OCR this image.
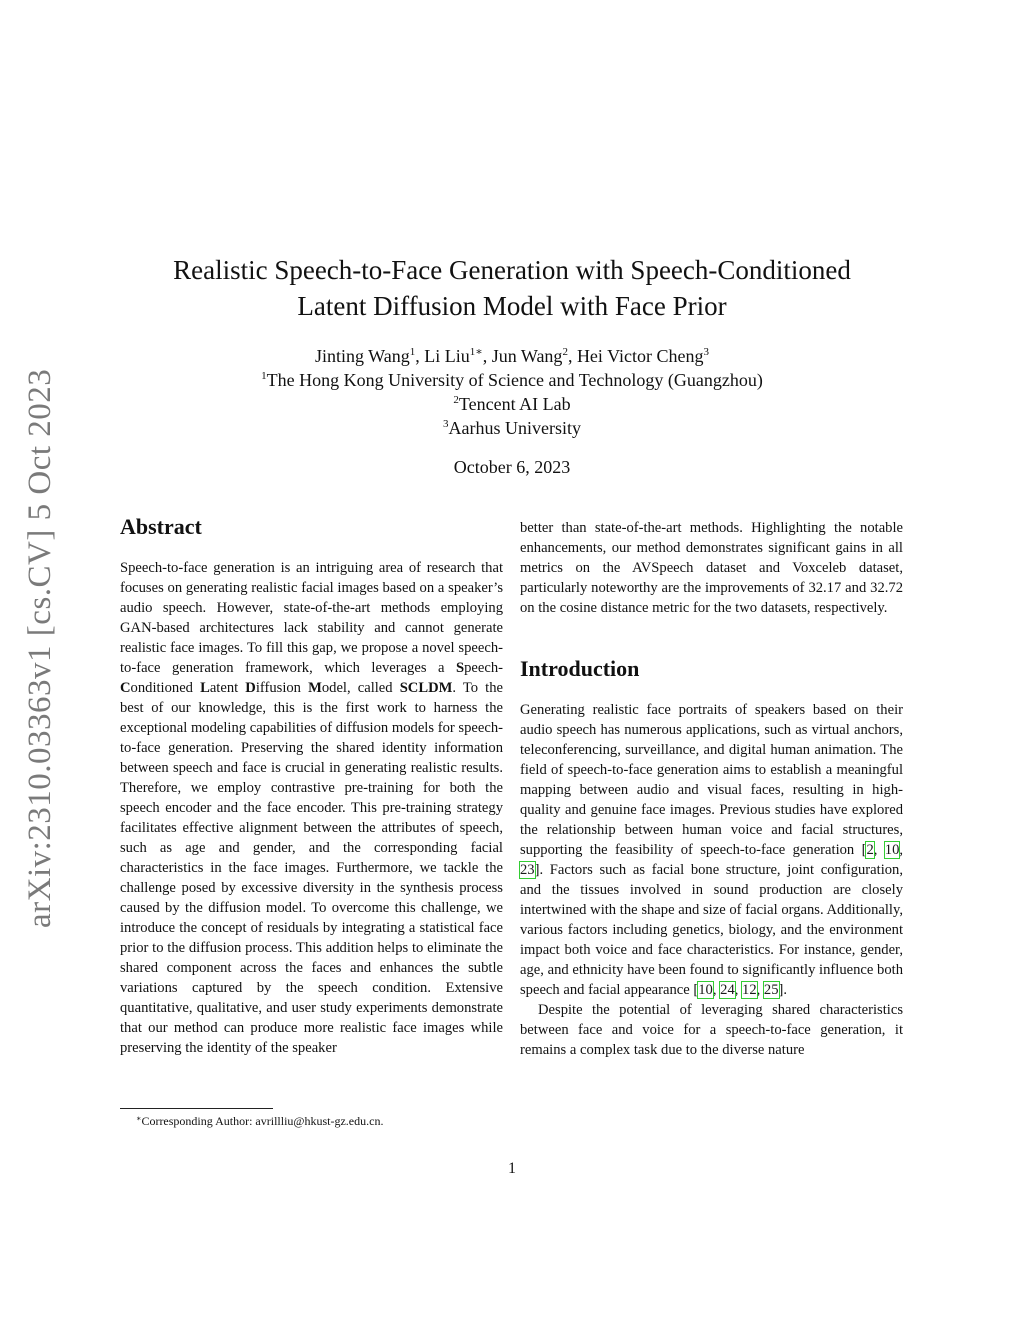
arXiv:2310.03363v1 [cs.CV] 5 Oct 2023
Realistic Speech-to-Face Generation with Speech-Conditioned
Latent Diffusion Model with Face Prior
Jinting Wang$^1$, Li Liu$^{1∗}$, Jun Wang$^2$, Hei Victor Cheng$^3$
$^1$The Hong Kong University of Science and Technology (Guangzhou)
$^2$Tencent AI Lab
$^3$Aarhus University
October 6, 2023
Abstract

Speech-to-face generation is an intriguing area of research that focuses on generating realistic facial images based on a speaker’s audio speech. However, state-of-the-art methods employing GAN-based architectures lack stability and cannot generate realistic face images. To fill this gap, we propose a novel speech-to-face generation framework, which leverages a Speech-Conditioned Latent Diffusion Model, called SCLDM. To the best of our knowledge, this is the first work to harness the exceptional modeling capabilities of diffusion models for speech-to-face generation. Preserving the shared identity information between speech and face is crucial in generating realistic results. Therefore, we employ contrastive pre-training for both the speech encoder and the face encoder. This pre-training strategy facilitates effective alignment between the attributes of speech, such as age and gender, and the corresponding facial characteristics in the face images. Furthermore, we tackle the challenge posed by excessive diversity in the synthesis process caused by the diffusion model. To overcome this challenge, we introduce the concept of residuals by integrating a statistical face prior to the diffusion process. This addition helps to eliminate the shared component across the faces and enhances the subtle variations captured by the speech condition. Extensive quantitative, qualitative, and user study experiments demonstrate that our method can produce more realistic face images while preserving the identity of the speaker

better than state-of-the-art methods. Highlighting the notable enhancements, our method demonstrates significant gains in all metrics on the AVSpeech dataset and Voxceleb dataset, particularly noteworthy are the improvements of 32.17 and 32.72 on the cosine distance metric for the two datasets, respectively.

Introduction

Generating realistic face portraits of speakers based on their audio speech has numerous applications, such as virtual anchors, teleconferencing, surveillance, and digital human animation. The field of speech-to-face generation aims to establish a meaningful mapping between audio and visual faces, resulting in high-quality and genuine face images. Previous studies have explored the relationship between human voice and facial structures, supporting the feasibility of speech-to-face generation [2, 10, 23]. Factors such as facial bone structure, joint configuration, and the tissues involved in sound production are closely intertwined with the shape and size of facial organs. Additionally, various factors including genetics, biology, and the environment impact both voice and face characteristics. For instance, gender, age, and ethnicity have been found to significantly influence both speech and facial appearance [10, 24, 12, 25].

Despite the potential of leveraging shared characteristics between face and voice for a speech-to-face generation, it remains a complex task due to the diverse nature

∗Corresponding Author: avrillliu@hkust-gz.edu.cn.
1
